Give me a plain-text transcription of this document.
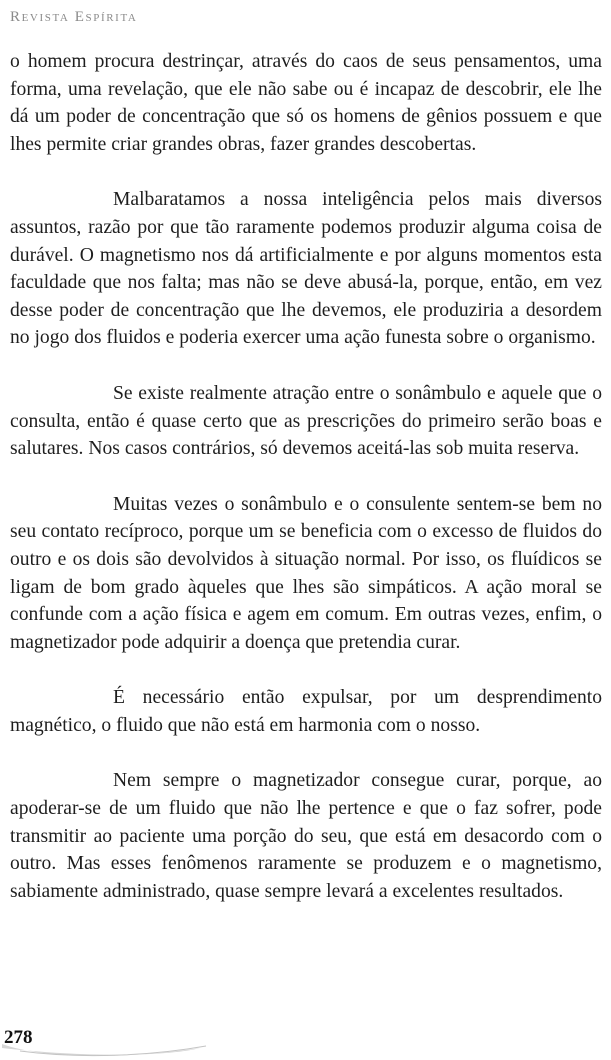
Revista Espírita

o homem procura destrinçar, através do caos de seus pensamentos, uma forma, uma revelação, que ele não sabe ou é incapaz de descobrir, ele lhe dá um poder de concentração que só os homens de gênios possuem e que lhes permite criar grandes obras, fazer grandes descobertas.

Malbaratamos a nossa inteligência pelos mais diversos assuntos, razão por que tão raramente podemos produzir alguma coisa de durável. O magnetismo nos dá artificialmente e por alguns momentos esta faculdade que nos falta; mas não se deve abusá-la, porque, então, em vez desse poder de concentração que lhe devemos, ele produziria a desordem no jogo dos fluidos e poderia exercer uma ação funesta sobre o organismo.

Se existe realmente atração entre o sonâmbulo e aquele que o consulta, então é quase certo que as prescrições do primeiro serão boas e salutares. Nos casos contrários, só devemos aceitá-las sob muita reserva.

Muitas vezes o sonâmbulo e o consulente sentem-se bem no seu contato recíproco, porque um se beneficia com o excesso de fluidos do outro e os dois são devolvidos à situação normal. Por isso, os fluídicos se ligam de bom grado àqueles que lhes são simpáticos. A ação moral se confunde com a ação física e agem em comum. Em outras vezes, enfim, o magnetizador pode adquirir a doença que pretendia curar.

É necessário então expulsar, por um desprendimento magnético, o fluido que não está em harmonia com o nosso.

Nem sempre o magnetizador consegue curar, porque, ao apoderar-se de um fluido que não lhe pertence e que o faz sofrer, pode transmitir ao paciente uma porção do seu, que está em desacordo com o outro. Mas esses fenômenos raramente se produzem e o magnetismo, sabiamente administrado, quase sempre levará a excelentes resultados.

278
